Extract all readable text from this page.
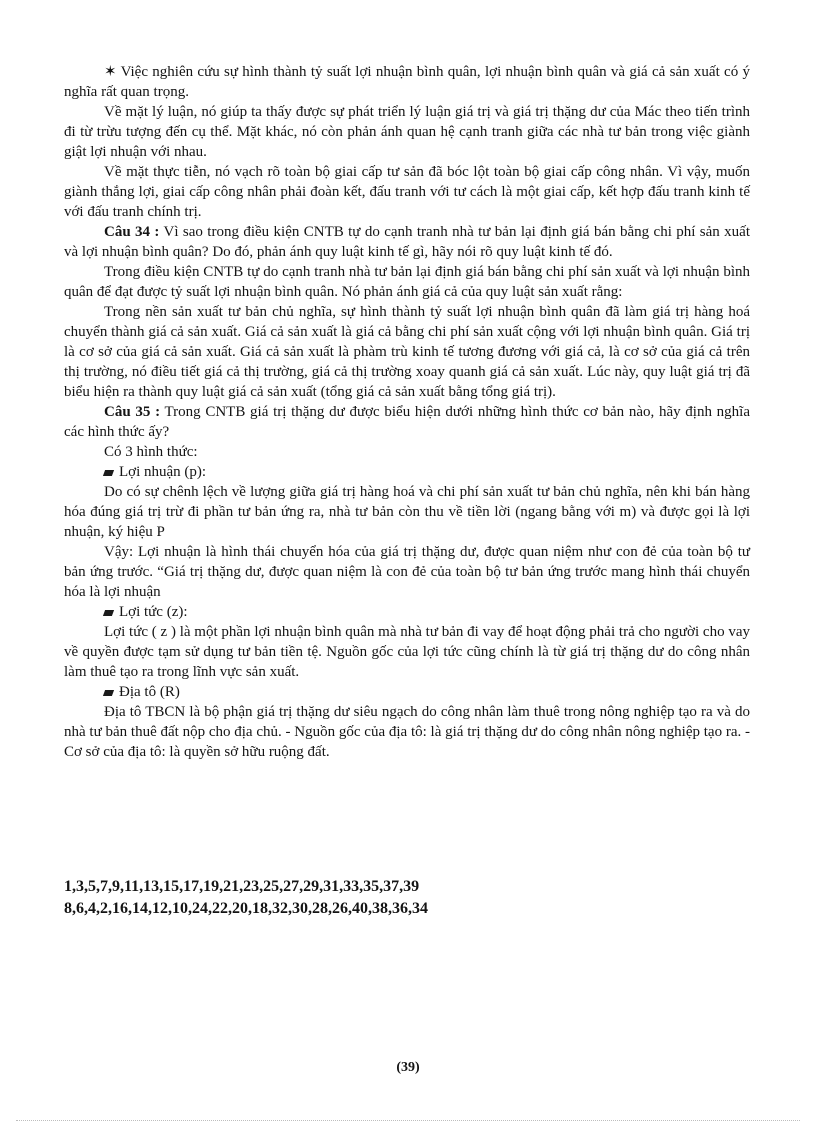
✶ Việc nghiên cứu sự hình thành tỷ suất lợi nhuận bình quân, lợi nhuận bình quân và giá cả sản xuất có ý nghĩa rất quan trọng.

Về mặt lý luận, nó giúp ta thấy được sự phát triển lý luận giá trị và giá trị thặng dư của Mác theo tiến trình đi từ trừu tượng đến cụ thể. Mặt khác, nó còn phản ánh quan hệ cạnh tranh giữa các nhà tư bản trong việc giành giật lợi nhuận với nhau.

Về mặt thực tiễn, nó vạch rõ toàn bộ giai cấp tư sản đã bóc lột toàn bộ giai cấp công nhân. Vì vậy, muốn giành thắng lợi, giai cấp công nhân phải đoàn kết, đấu tranh với tư cách là một giai cấp, kết hợp đấu tranh kinh tế với đấu tranh chính trị.

Câu 34 : Vì sao trong điều kiện CNTB tự do cạnh tranh nhà tư bản lại định giá bán bằng chi phí sản xuất và lợi nhuận bình quân? Do đó, phản ánh quy luật kinh tế gì, hãy nói rõ quy luật kinh tế đó.

Trong điều kiện CNTB tự do cạnh tranh nhà tư bản lại định giá bán bằng chi phí sản xuất và lợi nhuận bình quân để đạt được tỷ suất lợi nhuận bình quân. Nó phản ánh giá cả của quy luật sản xuất rằng:

Trong nền sản xuất tư bản chủ nghĩa, sự hình thành tỷ suất lợi nhuận bình quân đã làm giá trị hàng hoá chuyển thành giá cả sản xuất. Giá cả sản xuất là giá cả bằng chi phí sản xuất cộng với lợi nhuận bình quân. Giá trị là cơ sở của giá cả sản xuất. Giá cả sản xuất là phàm trù kinh tế tương đương với giá cả, là cơ sở của giá cả trên thị trường, nó điều tiết giá cả thị trường, giá cả thị trường xoay quanh giá cả sản xuất. Lúc này, quy luật giá trị đã biểu hiện ra thành quy luật giá cả sản xuất (tổng giá cả sản xuất bằng tổng giá trị).

Câu 35 : Trong CNTB giá trị thặng dư được biểu hiện dưới những hình thức cơ bản nào, hãy định nghĩa các hình thức ấy?

Có 3 hình thức:

Lợi nhuận (p):

Do có sự chênh lệch về lượng giữa giá trị hàng hoá và chi phí sản xuất tư bản chủ nghĩa, nên khi bán hàng hóa đúng giá trị trừ đi phần tư bản ứng ra, nhà tư bản còn thu về tiền lời (ngang bằng với m) và được gọi là lợi nhuận, ký hiệu P

Vậy: Lợi nhuận là hình thái chuyển hóa của giá trị thặng dư, được quan niệm như con đẻ của toàn bộ tư bản ứng trước. “Giá trị thặng dư, được quan niệm là con đẻ của toàn bộ tư bản ứng trước mang hình thái chuyển hóa là lợi nhuận

Lợi tức (z):

Lợi tức ( z ) là một phần lợi nhuận bình quân mà nhà tư bản đi vay để hoạt động phải trả cho người cho vay về quyền được tạm sử dụng tư bản tiền tệ. Nguồn gốc của lợi tức cũng chính là từ giá trị thặng dư do công nhân làm thuê tạo ra trong lĩnh vực sản xuất.

Địa tô (R)

Địa tô TBCN là bộ phận giá trị thặng dư siêu ngạch do công nhân làm thuê trong nông nghiệp tạo ra và do nhà tư bản thuê đất nộp cho địa chủ. - Nguồn gốc của địa tô: là giá trị thặng dư do công nhân nông nghiệp tạo ra. - Cơ sở của địa tô: là quyền sở hữu ruộng đất.

1,3,5,7,9,11,13,15,17,19,21,23,25,27,29,31,33,35,37,39
8,6,4,2,16,14,12,10,24,22,20,18,32,30,28,26,40,38,36,34
(39)
